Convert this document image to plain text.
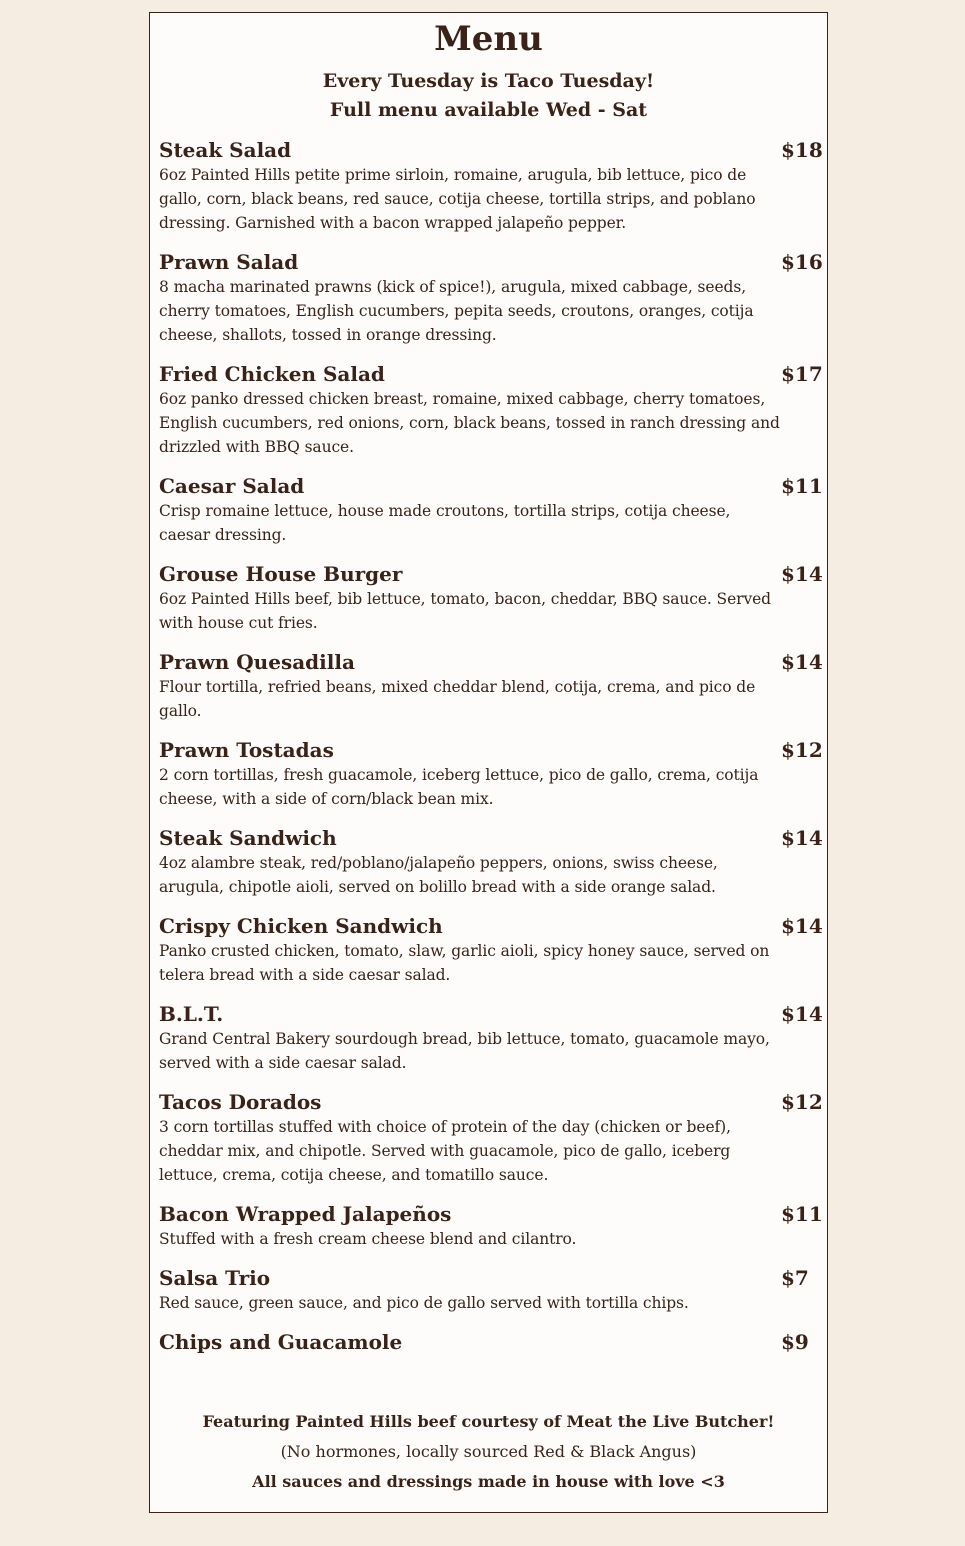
Menu
Every Tuesday is Taco Tuesday!
Full menu available Wed - Sat
Steak Salad	$18
6oz Painted Hills petite prime sirloin, romaine, arugula, bib lettuce, pico de gallo, corn, black beans, red sauce, cotija cheese, tortilla strips, and poblano dressing. Garnished with a bacon wrapped jalapeño pepper.
Prawn Salad	$16
8 macha marinated prawns (kick of spice!), arugula, mixed cabbage, seeds, cherry tomatoes, English cucumbers, pepita seeds, croutons, oranges, cotija cheese, shallots, tossed in orange dressing.
Fried Chicken Salad	$17
6oz panko dressed chicken breast, romaine, mixed cabbage, cherry tomatoes, English cucumbers, red onions, corn, black beans, tossed in ranch dressing and drizzled with BBQ sauce.
Caesar Salad	$11
Crisp romaine lettuce, house made croutons, tortilla strips, cotija cheese, caesar dressing.
Grouse House Burger	$14
6oz Painted Hills beef, bib lettuce, tomato, bacon, cheddar, BBQ sauce. Served with house cut fries.
Prawn Quesadilla	$14
Flour tortilla, refried beans, mixed cheddar blend, cotija, crema, and pico de gallo.
Prawn Tostadas	$12
2 corn tortillas, fresh guacamole, iceberg lettuce, pico de gallo, crema, cotija cheese, with a side of corn/black bean mix.
Steak Sandwich	$14
4oz alambre steak, red/poblano/jalapeño peppers, onions, swiss cheese, arugula, chipotle aioli, served on bolillo bread with a side orange salad.
Crispy Chicken Sandwich	$14
Panko crusted chicken, tomato, slaw, garlic aioli, spicy honey sauce, served on telera bread with a side caesar salad.
B.L.T.	$14
Grand Central Bakery sourdough bread, bib lettuce, tomato, guacamole mayo, served with a side caesar salad.
Tacos Dorados	$12
3 corn tortillas stuffed with choice of protein of the day (chicken or beef), cheddar mix, and chipotle. Served with guacamole, pico de gallo, iceberg lettuce, crema, cotija cheese, and tomatillo sauce.
Bacon Wrapped Jalapeños	$11
Stuffed with a fresh cream cheese blend and cilantro.
Salsa Trio	$7
Red sauce, green sauce, and pico de gallo served with tortilla chips.
Chips and Guacamole	$9
Featuring Painted Hills beef courtesy of Meat the Live Butcher!
(No hormones, locally sourced Red & Black Angus)
All sauces and dressings made in house with love <3
